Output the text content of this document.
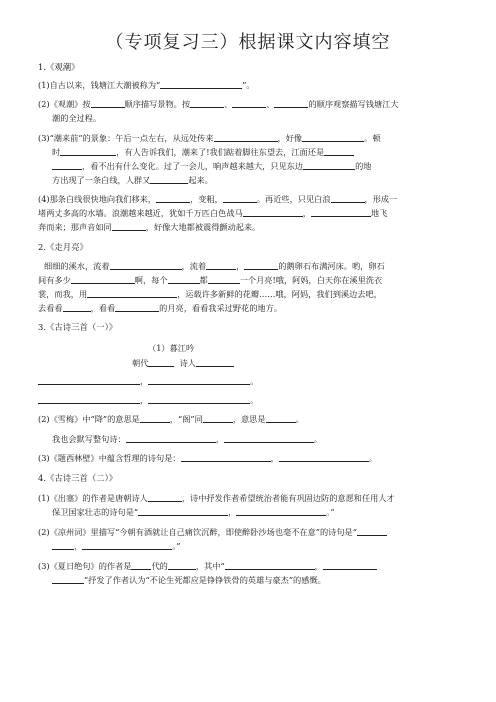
（专项复习三）根据课文内容填空
1.《观潮》
(1)自古以来，钱塘江大潮被称为“	”。
(2)《观潮》按	顺序描写景物。按	、	、	的顺序观察描写钱塘江大
潮的全过程。
(3)“潮来前”的景象：午后一点左右，从远处传来	，好像	。顿
时	，有人告诉我们，潮来了!我们踮着脚往东望去，江面还是
，看不出有什么变化。过了一会儿，响声越来越大，只见东边	的地
方出现了一条白线，人群又	起来。
(4)那条白线很快地向我们移来，	，变粗，	。再近些，只见白浪	，形成一
堵两丈多高的水墙。浪潮越来越近，犹如千万匹白色战马	，	地飞
奔而来；那声音如同	，好像大地都被震得颤动起来。
2.《走月亮》
细细的溪水，流着	，流着	，	的鹅卵石布满河床。哟，卵石
间有多少	啊，每个	都	一个月亮!哦，阿妈，白天你在溪里洗衣
裳，而我，用	，运载许多新鲜的花瓣……哦，阿妈，我们到溪边去吧，
去看看	，看看	的月亮，看看我采过野花的地方。
3.《古诗三首（一）》
（1）暮江吟
朝代	诗人
，	。
，	。
(2)《雪梅》中“降”的意思是	，“阁”同	，意思是	。
我也会默写整句诗：	，	。
(3)《题西林壁》中蕴含哲理的诗句是：	，	。
4.《古诗三首（二）》
(1)《出塞》的作者是唐朝诗人	，诗中抒发作者希望统治者能有巩固边防的意愿和任用人才
保卫国家壮志的诗句是“	，	。”
(2)《凉州词》里描写“今朝有酒就让自己痛饮沉醉，即使醉卧沙场也毫不在意”的诗句是“
，	。”
(3)《夏日绝句》的作者是 代的	，其中“	，
”抒发了作者认为“不论生死都应是铮铮铁骨的英雄与豪杰”的感慨。
